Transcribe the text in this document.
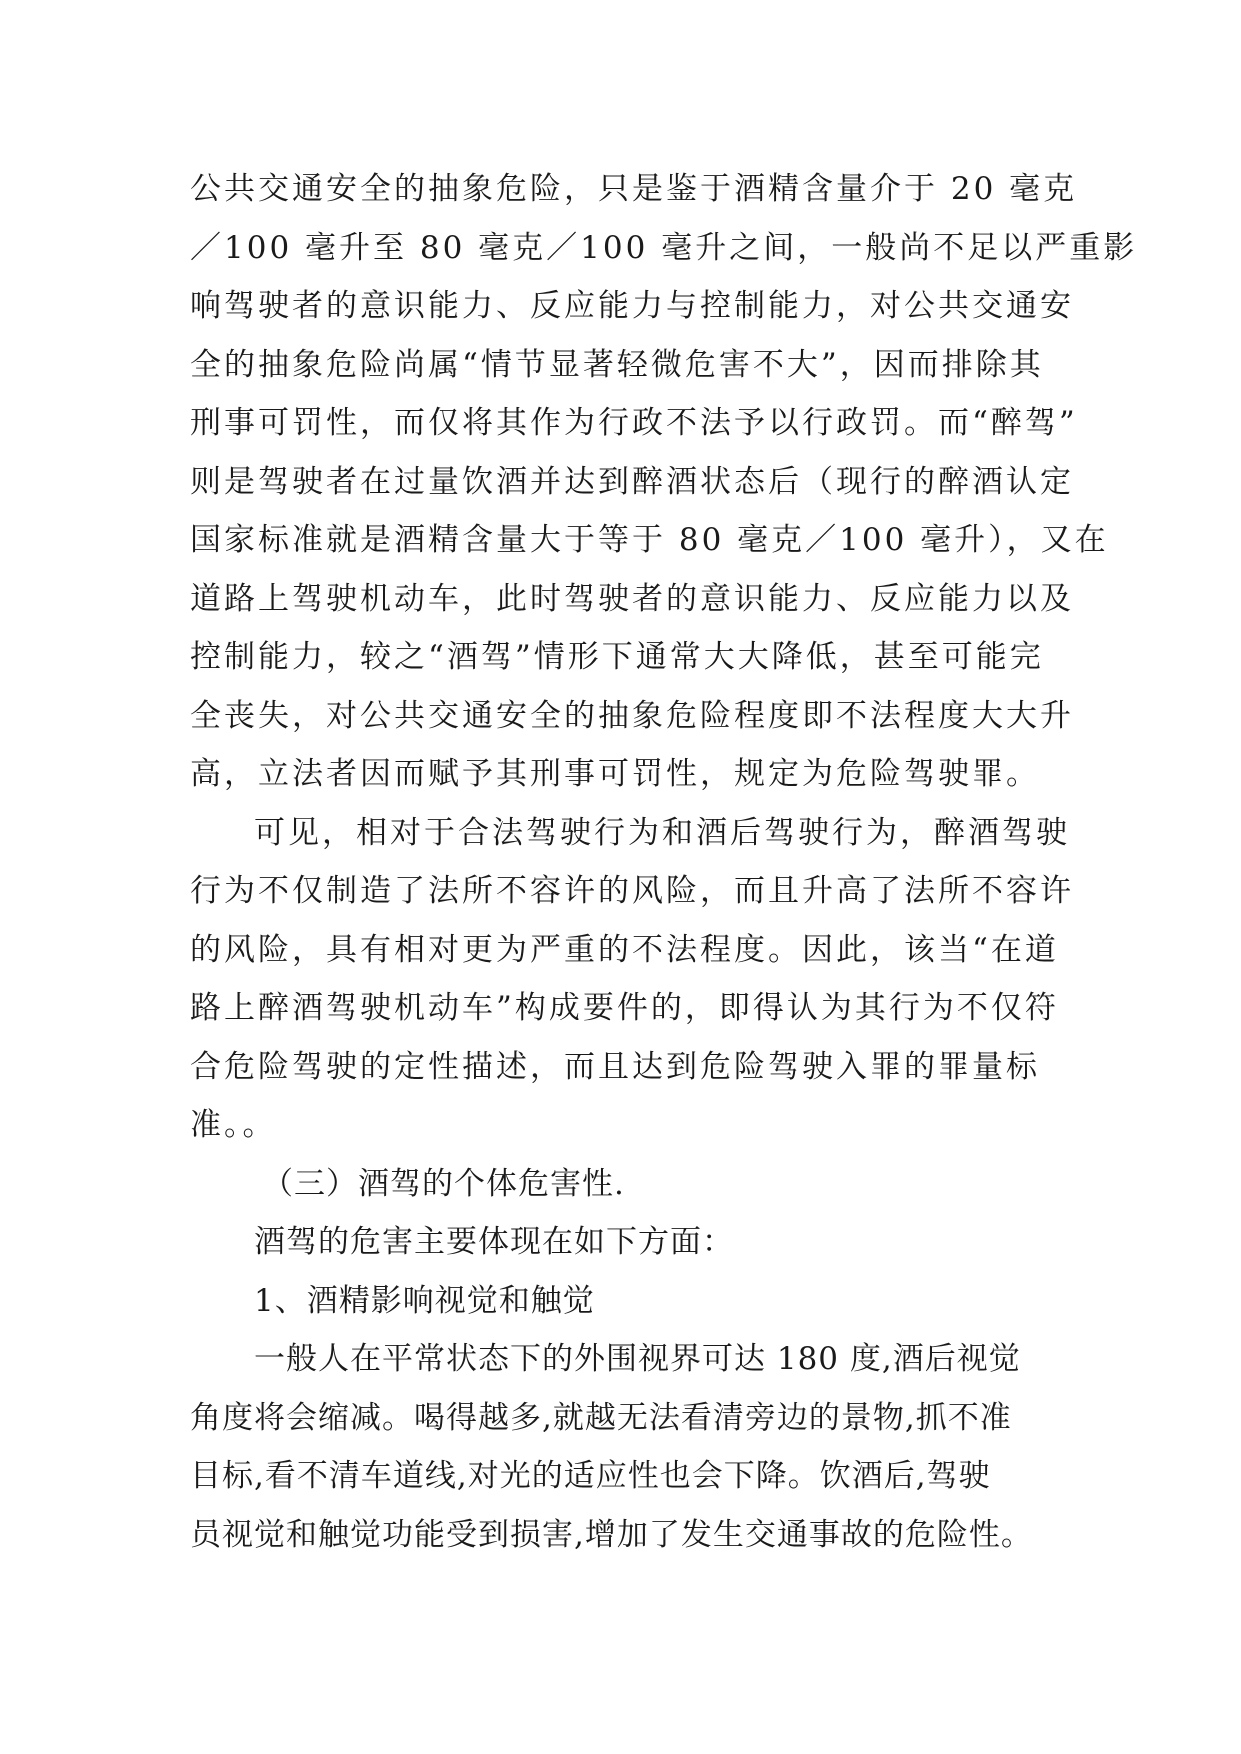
公共交通安全的抽象危险，只是鉴于酒精含量介于 20 毫克
／100 毫升至 80 毫克／100 毫升之间，一般尚不足以严重影
响驾驶者的意识能力、反应能力与控制能力，对公共交通安
全的抽象危险尚属“情节显著轻微危害不大”，因而排除其
刑事可罚性，而仅将其作为行政不法予以行政罚。而“醉驾”
则是驾驶者在过量饮酒并达到醉酒状态后（现行的醉酒认定
国家标准就是酒精含量大于等于 80 毫克／100 毫升），又在
道路上驾驶机动车，此时驾驶者的意识能力、反应能力以及
控制能力，较之“酒驾”情形下通常大大降低，甚至可能完
全丧失，对公共交通安全的抽象危险程度即不法程度大大升
高，立法者因而赋予其刑事可罚性，规定为危险驾驶罪。
可见，相对于合法驾驶行为和酒后驾驶行为，醉酒驾驶
行为不仅制造了法所不容许的风险，而且升高了法所不容许
的风险，具有相对更为严重的不法程度。因此，该当“在道
路上醉酒驾驶机动车”构成要件的，即得认为其行为不仅符
合危险驾驶的定性描述，而且达到危险驾驶入罪的罪量标
准。。
（三）酒驾的个体危害性.
酒驾的危害主要体现在如下方面：
1、酒精影响视觉和触觉
一般人在平常状态下的外围视界可达 180 度,酒后视觉
角度将会缩减。喝得越多,就越无法看清旁边的景物,抓不准
目标,看不清车道线,对光的适应性也会下降。饮酒后,驾驶
员视觉和触觉功能受到损害,增加了发生交通事故的危险性。
